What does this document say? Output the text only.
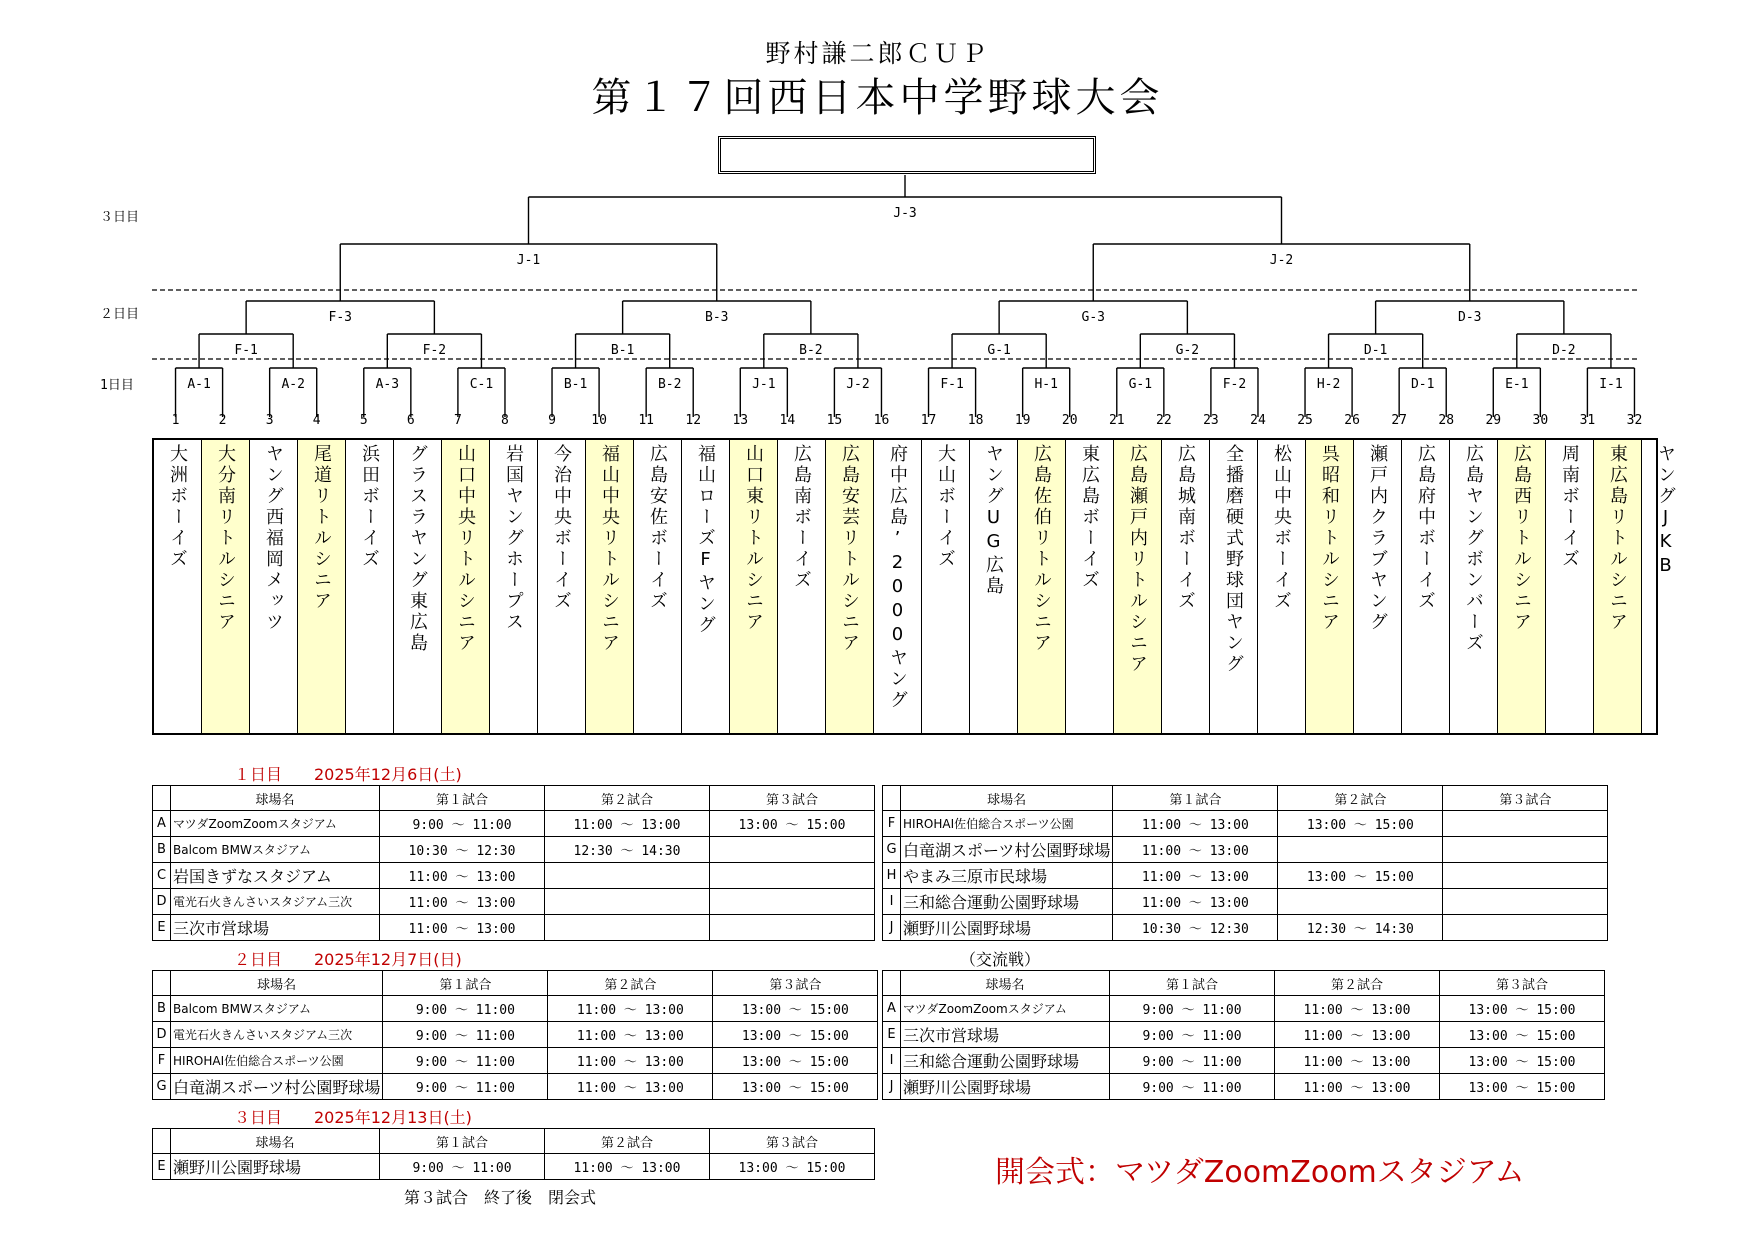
野村謙二郎ＣＵＰ
第１７回西日本中学野球大会
３日目
２日目
1日目
1	2	3	4	5	6	7	8	9	10 11 12 13 14 15 16 17 18 19 20 21 22 23 24 25 26 27 28 29 30 31 32
A-1	A-2	A-3	C-1	B-1	B-2	J-1	J-2	F-1	H-1	G-1	F-2	H-2	D-1	E-1	I-1
F-1	F-2	B-1	B-2	G-1	G-2	D-1	D-2
F-3	B-3	G-3	D-3
J-1	J-2
J-3
大洲ボーイズ	大分南リトルシニア	ヤング西福岡メッツ	尾道リトルシニア	浜田ボーイズ	グラスラヤング東広島	山口中央リトルシニア	岩国ヤングホープス	今治中央ボーイズ	福山中央リトルシニア	広島安佐ボーイズ	福山ローズFヤング	山口東リトルシニア	広島南ボーイズ	広島安芸リトルシニア	府中広島’2000ヤング	大山ボーイズ	ヤングUG広島	広島佐伯リトルシニア	東広島ボーイズ	広島瀬戸内リトルシニア	広島城南ボーイズ	全播磨硬式野球団ヤング	松山中央ボーイズ	呉昭和リトルシニア	瀬戸内クラブヤング	広島府中ボーイズ	広島ヤングボンバーズ	広島西リトルシニア	周南ボーイズ	東広島リトルシニア	ヤングJKB
１日目　　2025年12月6日(土)
	球場名	第１試合	第２試合	第３試合
A	マツダZoomZoomスタジアム	9:00 ～ 11:00	11:00 ～ 13:00	13:00 ～ 15:00
B	Balcom BMWスタジアム	10:30 ～ 12:30	12:30 ～ 14:30	
C	岩国きずなスタジアム	11:00 ～ 13:00		
D	電光石火きんさいスタジアム三次	11:00 ～ 13:00		
E	三次市営球場	11:00 ～ 13:00		
	球場名	第１試合	第２試合	第３試合
F	HIROHAI佐伯総合スポーツ公園	11:00 ～ 13:00	13:00 ～ 15:00	
G	白竜湖スポーツ村公園野球場	11:00 ～ 13:00		
H	やまみ三原市民球場	11:00 ～ 13:00	13:00 ～ 15:00	
I	三和総合運動公園野球場	11:00 ～ 13:00		
J	瀬野川公園野球場	10:30 ～ 12:30	12:30 ～ 14:30	
（交流戦）
２日目　　2025年12月7日(日)
	球場名	第１試合	第２試合	第３試合
B	Balcom BMWスタジアム	9:00 ～ 11:00	11:00 ～ 13:00	13:00 ～ 15:00
D	電光石火きんさいスタジアム三次	9:00 ～ 11:00	11:00 ～ 13:00	13:00 ～ 15:00
F	HIROHAI佐伯総合スポーツ公園	9:00 ～ 11:00	11:00 ～ 13:00	13:00 ～ 15:00
G	白竜湖スポーツ村公園野球場	9:00 ～ 11:00	11:00 ～ 13:00	13:00 ～ 15:00
	球場名	第１試合	第２試合	第３試合
A	マツダZoomZoomスタジアム	9:00 ～ 11:00	11:00 ～ 13:00	13:00 ～ 15:00
E	三次市営球場	9:00 ～ 11:00	11:00 ～ 13:00	13:00 ～ 15:00
I	三和総合運動公園野球場	9:00 ～ 11:00	11:00 ～ 13:00	13:00 ～ 15:00
J	瀬野川公園野球場	9:00 ～ 11:00	11:00 ～ 13:00	13:00 ～ 15:00
３日目　　2025年12月13日(土)
	球場名	第１試合	第２試合	第３試合
E	瀬野川公園野球場	9:00 ～ 11:00	11:00 ～ 13:00	13:00 ～ 15:00
第３試合　終了後　閉会式
開会式：マツダZoomZoomスタジアム
